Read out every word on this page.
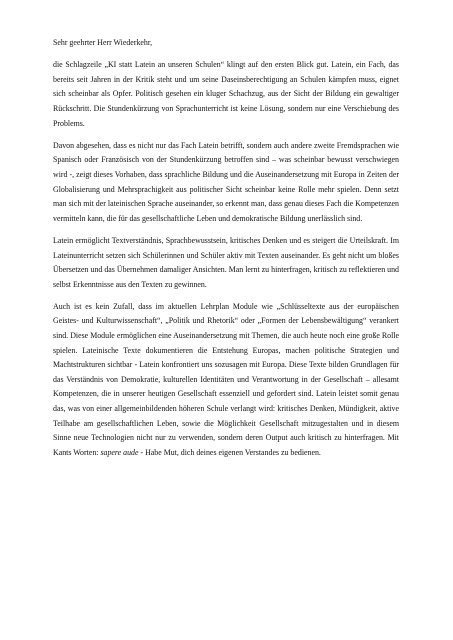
Sehr geehrter Herr Wiederkehr,

die Schlagzeile „KI statt Latein an unseren Schulen“ klingt auf den ersten Blick gut. Latein, ein Fach, das bereits seit Jahren in der Kritik steht und um seine Daseinsberechtigung an Schulen kämpfen muss, eignet sich scheinbar als Opfer. Politisch gesehen ein kluger Schachzug, aus der Sicht der Bildung ein gewaltiger Rückschritt. Die Stundenkürzung von Sprachunterricht ist keine Lösung, sondern nur eine Verschiebung des Problems.

Davon abgesehen, dass es nicht nur das Fach Latein betrifft, sondern auch andere zweite Fremdsprachen wie Spanisch oder Französisch von der Stundenkürzung betroffen sind – was scheinbar bewusst verschwiegen wird -, zeigt dieses Vorhaben, dass sprachliche Bildung und die Auseinandersetzung mit Europa in Zeiten der Globalisierung und Mehrsprachigkeit aus politischer Sicht scheinbar keine Rolle mehr spielen. Denn setzt man sich mit der lateinischen Sprache auseinander, so erkennt man, dass genau dieses Fach die Kompetenzen vermitteln kann, die für das gesellschaftliche Leben und demokratische Bildung unerlässlich sind.

Latein ermöglicht Textverständnis, Sprachbewusstsein, kritisches Denken und es steigert die Urteilskraft. Im Lateinunterricht setzen sich Schülerinnen und Schüler aktiv mit Texten auseinander. Es geht nicht um bloßes Übersetzen und das Übernehmen damaliger Ansichten. Man lernt zu hinterfragen, kritisch zu reflektieren und selbst Erkenntnisse aus den Texten zu gewinnen.

Auch ist es kein Zufall, dass im aktuellen Lehrplan Module wie „Schlüsseltexte aus der europäischen Geistes- und Kulturwissenschaft“, „Politik und Rhetorik“ oder „Formen der Lebensbewältigung“ verankert sind. Diese Module ermöglichen eine Auseinandersetzung mit Themen, die auch heute noch eine große Rolle spielen. Lateinische Texte dokumentieren die Entstehung Europas, machen politische Strategien und Machtstrukturen sichtbar - Latein konfrontiert uns sozusagen mit Europa. Diese Texte bilden Grundlagen für das Verständnis von Demokratie, kulturellen Identitäten und Verantwortung in der Gesellschaft – allesamt Kompetenzen, die in unserer heutigen Gesellschaft essenziell und gefordert sind. Latein leistet somit genau das, was von einer allgemeinbildenden höheren Schule verlangt wird: kritisches Denken, Mündigkeit, aktive Teilhabe am gesellschaftlichen Leben, sowie die Möglichkeit Gesellschaft mitzugestalten und in diesem Sinne neue Technologien nicht nur zu verwenden, sondern deren Output auch kritisch zu hinterfragen. Mit Kants Worten: sapere aude - Habe Mut, dich deines eigenen Verstandes zu bedienen.
